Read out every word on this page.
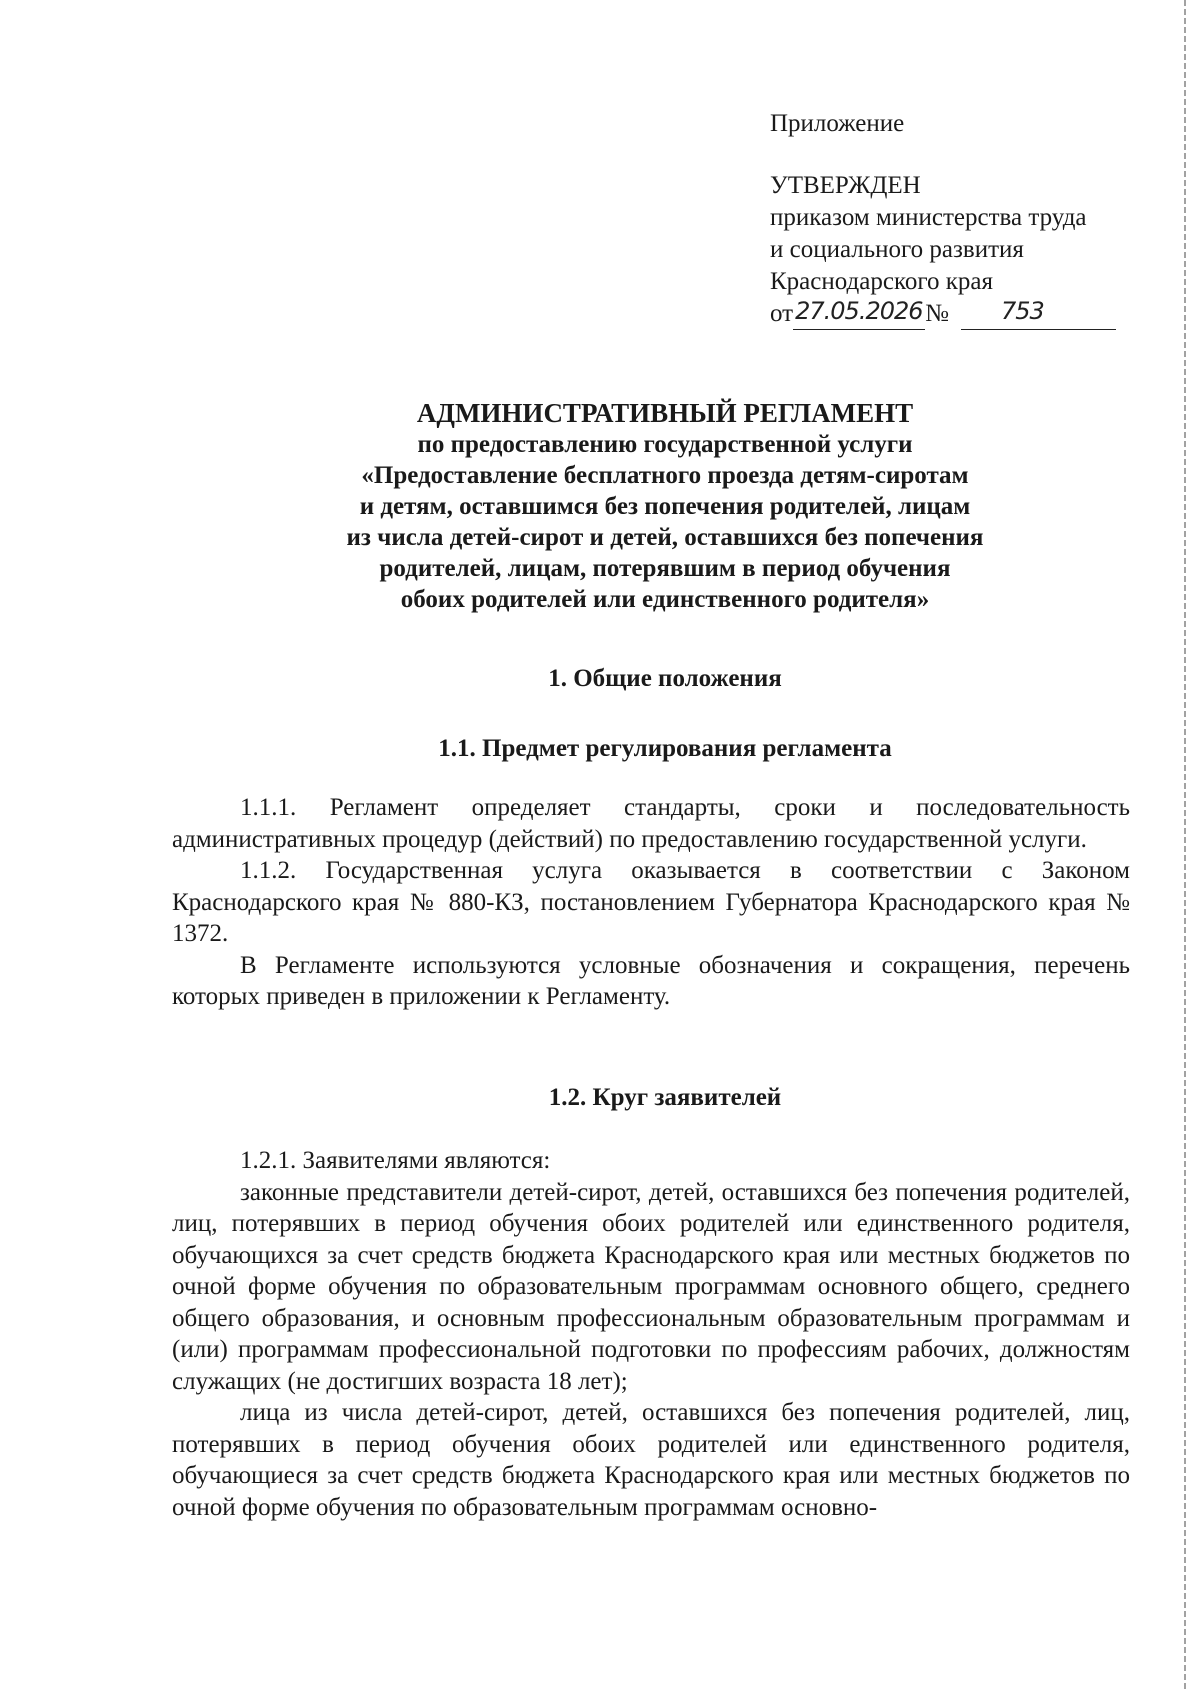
Приложение
УТВЕРЖДЕН
приказом министерства труда
и социального развития
Краснодарского края
от 27.05.2026 № 753
АДМИНИСТРАТИВНЫЙ РЕГЛАМЕНТ
по предоставлению государственной услуги
«Предоставление бесплатного проезда детям-сиротам
и детям, оставшимся без попечения родителей, лицам
из числа детей-сирот и детей, оставшихся без попечения
родителей, лицам, потерявшим в период обучения
обоих родителей или единственного родителя»
1. Общие положения
1.1. Предмет регулирования регламента

1.1.1. Регламент определяет стандарты, сроки и последовательность административных процедур (действий) по предоставлению государственной услуги.

1.1.2. Государственная услуга оказывается в соответствии с Законом Краснодарского края № 880-КЗ, постановлением Губернатора Краснодарского края № 1372.

В Регламенте используются условные обозначения и сокращения, перечень которых приведен в приложении к Регламенту.

1.2. Круг заявителей

1.2.1. Заявителями являются:

законные представители детей-сирот, детей, оставшихся без попечения родителей, лиц, потерявших в период обучения обоих родителей или единственного родителя, обучающихся за счет средств бюджета Краснодарского края или местных бюджетов по очной форме обучения по образовательным программам основного общего, среднего общего образования, и основным профессиональным образовательным программам и (или) программам профессиональной подготовки по профессиям рабочих, должностям служащих (не достигших возраста 18 лет);

лица из числа детей-сирот, детей, оставшихся без попечения родителей, лиц, потерявших в период обучения обоих родителей или единственного родителя, обучающиеся за счет средств бюджета Краснодарского края или местных бюджетов по очной форме обучения по образовательным программам основно-
